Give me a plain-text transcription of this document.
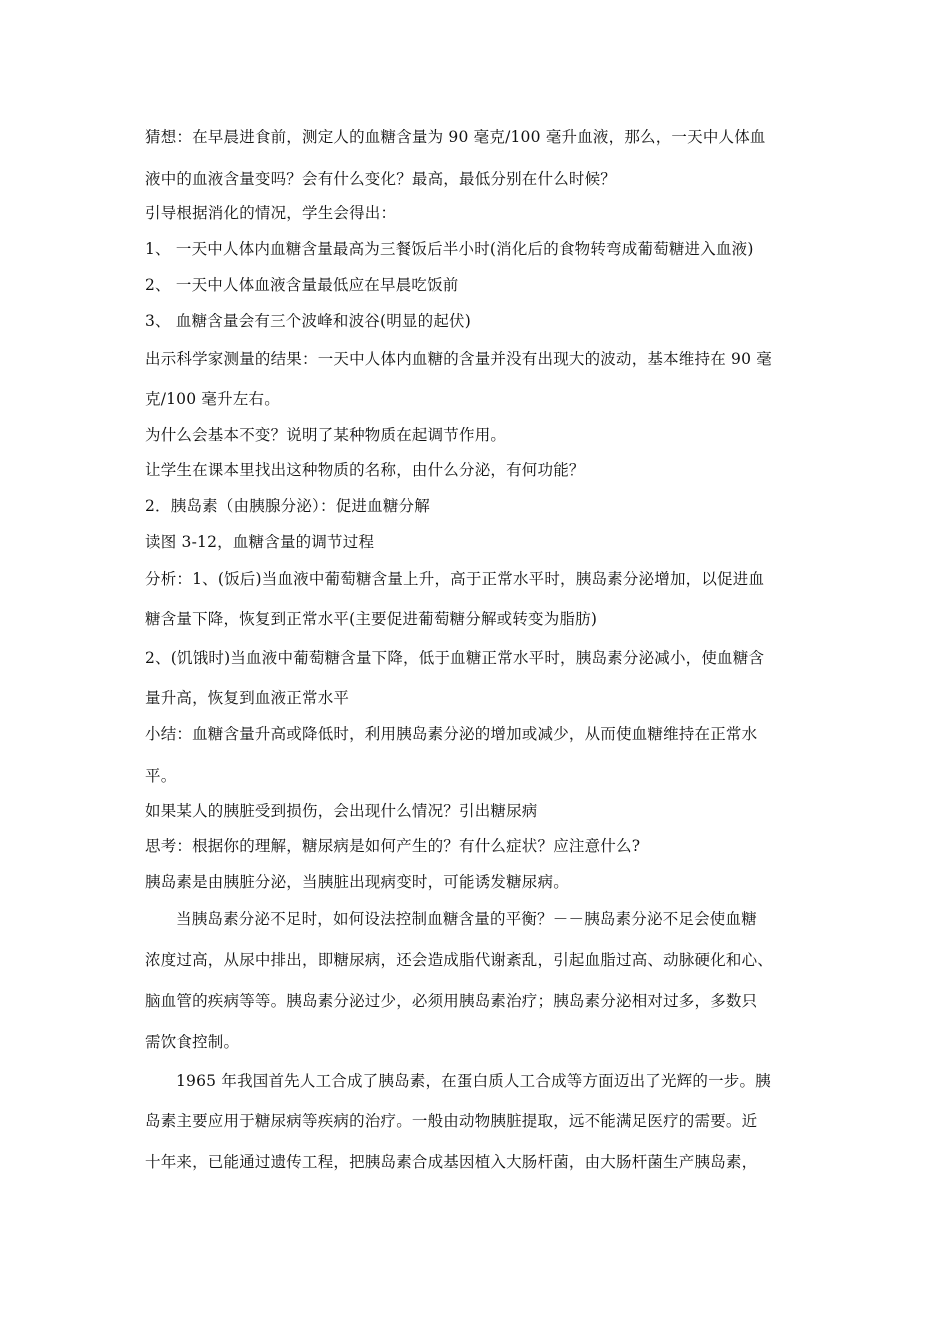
猜想：在早晨进食前，测定人的血糖含量为 90 毫克/100 毫升血液，那么，一天中人体血
液中的血液含量变吗？会有什么变化？最高，最低分别在什么时候？
引导根据消化的情况，学生会得出：
1、 一天中人体内血糖含量最高为三餐饭后半小时(消化后的食物转弯成葡萄糖进入血液)
2、 一天中人体血液含量最低应在早晨吃饭前
3、 血糖含量会有三个波峰和波谷(明显的起伏)
出示科学家测量的结果：一天中人体内血糖的含量并没有出现大的波动，基本维持在 90 毫
克/100 毫升左右。
为什么会基本不变？说明了某种物质在起调节作用。
让学生在课本里找出这种物质的名称，由什么分泌，有何功能？
2．胰岛素（由胰腺分泌）：促进血糖分解
读图 3-12，血糖含量的调节过程
分析：1、(饭后)当血液中葡萄糖含量上升，高于正常水平时，胰岛素分泌增加，以促进血
糖含量下降，恢复到正常水平(主要促进葡萄糖分解或转变为脂肪)
2、(饥饿时)当血液中葡萄糖含量下降，低于血糖正常水平时，胰岛素分泌减小，使血糖含
量升高，恢复到血液正常水平
小结：血糖含量升高或降低时，利用胰岛素分泌的增加或减少，从而使血糖维持在正常水
平。
如果某人的胰脏受到损伤，会出现什么情况？引出糖尿病
思考：根据你的理解，糖尿病是如何产生的？有什么症状？应注意什么?
胰岛素是由胰脏分泌，当胰脏出现病变时，可能诱发糖尿病。
当胰岛素分泌不足时，如何设法控制血糖含量的平衡？－－胰岛素分泌不足会使血糖
浓度过高，从尿中排出，即糖尿病，还会造成脂代谢紊乱，引起血脂过高、动脉硬化和心、
脑血管的疾病等等。胰岛素分泌过少，必须用胰岛素治疗；胰岛素分泌相对过多，多数只
需饮食控制。
1965 年我国首先人工合成了胰岛素，在蛋白质人工合成等方面迈出了光辉的一步。胰
岛素主要应用于糖尿病等疾病的治疗。一般由动物胰脏提取，远不能满足医疗的需要。近
十年来，已能通过遗传工程，把胰岛素合成基因植入大肠杆菌，由大肠杆菌生产胰岛素，
